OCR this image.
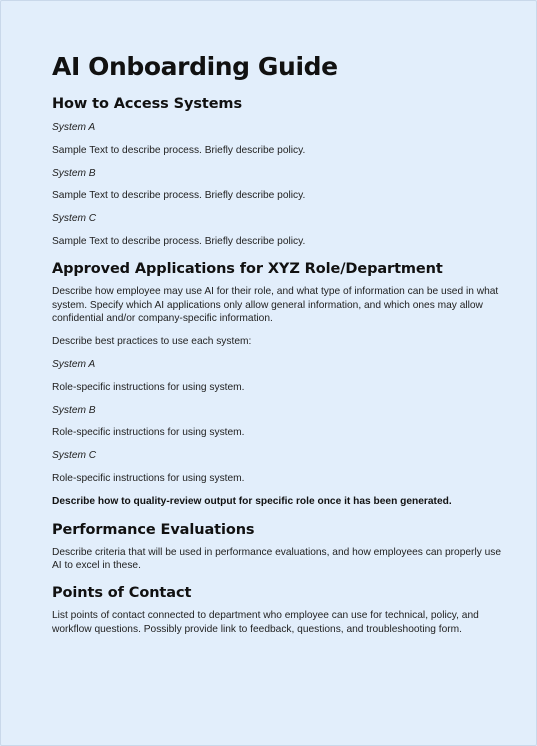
AI Onboarding Guide
How to Access Systems

System A

Sample Text to describe process. Briefly describe policy.

System B

Sample Text to describe process. Briefly describe policy.

System C

Sample Text to describe process. Briefly describe policy.

Approved Applications for XYZ Role/Department

Describe how employee may use AI for their role, and what type of information can be used in what system. Specify which AI applications only allow general information, and which ones may allow confidential and/or company-specific information.

Describe best practices to use each system:

System A

Role-specific instructions for using system.

System B

Role-specific instructions for using system.

System C

Role-specific instructions for using system.

Describe how to quality-review output for specific role once it has been generated.

Performance Evaluations

Describe criteria that will be used in performance evaluations, and how employees can properly use AI to excel in these.

Points of Contact

List points of contact connected to department who employee can use for technical, policy, and workflow questions. Possibly provide link to feedback, questions, and troubleshooting form.
